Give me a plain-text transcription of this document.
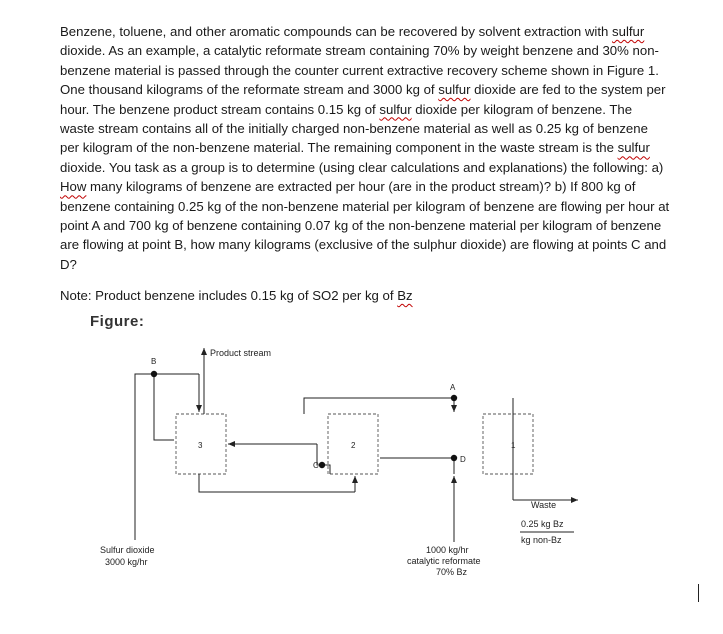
Benzene, toluene, and other aromatic compounds can be recovered by solvent extraction with sulfur dioxide. As an example, a catalytic reformate stream containing 70% by weight benzene and 30% non-benzene material is passed through the counter current extractive recovery scheme shown in Figure 1. One thousand kilograms of the reformate stream and 3000 kg of sulfur dioxide are fed to the system per hour. The benzene product stream contains 0.15 kg of sulfur dioxide per kilogram of benzene. The waste stream contains all of the initially charged non-benzene material as well as 0.25 kg of benzene per kilogram of the non-benzene material. The remaining component in the waste stream is the sulfur dioxide. You task as a group is to determine (using clear calculations and explanations) the following: a) How many kilograms of benzene are extracted per hour (are in the product stream)? b) If 800 kg of benzene containing 0.25 kg of the non-benzene material per kilogram of benzene are flowing per hour at point A and 700 kg of benzene containing 0.07 kg of the non-benzene material per kilogram of benzene are flowing at point B, how many kilograms (exclusive of the sulphur dioxide) are flowing at points C and D?

Note: Product benzene includes 0.15 kg of SO2 per kg of Bz

Figure:

Product stream
B
A
C
D
3	2	1
Waste
0.25 kg Bz
kg non-Bz
Sulfur dioxide
3000 kg/hr
1000 kg/hr
catalytic reformate
70% Bz
